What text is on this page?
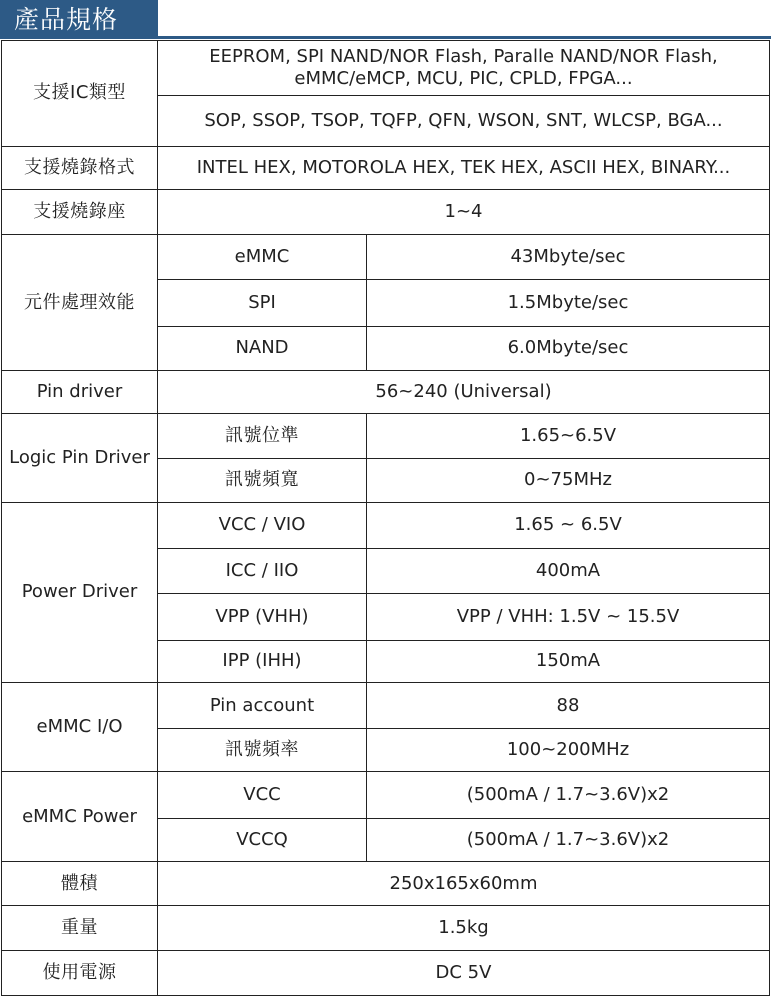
產品規格
支援IC類型	EEPROM, SPI NAND/NOR Flash, Paralle NAND/NOR Flash,
eMMC/eMCP, MCU, PIC, CPLD, FPGA...	

	SOP, SSOP, TSOP, TQFP, QFN, WSON, SNT, WLCSP, BGA...	
支援燒錄格式	INTEL HEX, MOTOROLA HEX, TEK HEX, ASCII HEX, BINARY...	
支援燒錄座	1~4	
元件處理效能	eMMC	43Mbyte/sec
	SPI	1.5Mbyte/sec
	NAND	6.0Mbyte/sec
Pin driver	56~240 (Universal)	
Logic Pin Driver	訊號位準	1.65~6.5V
	訊號頻寬	0~75MHz
Power Driver	VCC / VIO	1.65 ~ 6.5V
	ICC / IIO	400mA
	VPP (VHH)	VPP / VHH: 1.5V ~ 15.5V
	IPP (IHH)	150mA
eMMC I/O	Pin account	88
	訊號頻率	100~200MHz
eMMC Power	VCC	(500mA / 1.7~3.6V)x2
	VCCQ	(500mA / 1.7~3.6V)x2
體積	250x165x60mm	
重量	1.5kg	
使用電源	DC 5V	
